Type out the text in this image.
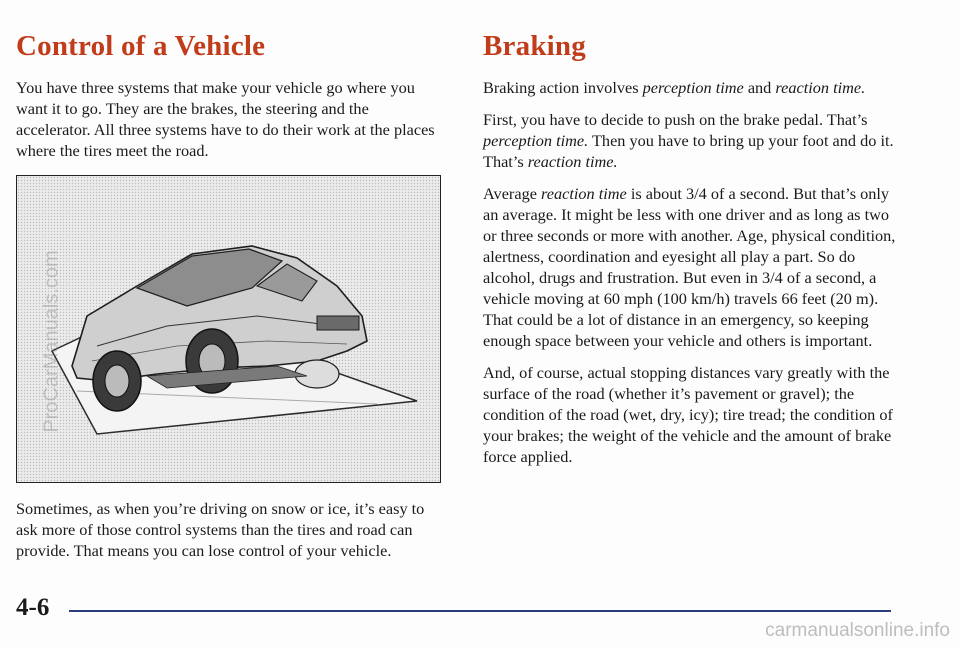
Control of a Vehicle

You have three systems that make your vehicle go where you want it to go. They are the brakes, the steering and the accelerator. All three systems have to do their work at the places where the tires meet the road.

Sometimes, as when you’re driving on snow or ice, it’s easy to ask more of those control systems than the tires and road can provide. That means you can lose control of your vehicle.

Braking

Braking action involves perception time and reaction time.

First, you have to decide to push on the brake pedal. That’s perception time. Then you have to bring up your foot and do it. That’s reaction time.

Average reaction time is about 3/4 of a second. But that’s only an average. It might be less with one driver and as long as two or three seconds or more with another. Age, physical condition, alertness, coordination and eyesight all play a part. So do alcohol, drugs and frustration. But even in 3/4 of a second, a vehicle moving at 60 mph (100 km/h) travels 66 feet (20 m). That could be a lot of distance in an emergency, so keeping enough space between your vehicle and others is important.

And, of course, actual stopping distances vary greatly with the surface of the road (whether it’s pavement or gravel); the condition of the road (wet, dry, icy); tire tread; the condition of your brakes; the weight of the vehicle and the amount of brake force applied.

4-6
ProCarManuals.com
carmanualsonline.info
